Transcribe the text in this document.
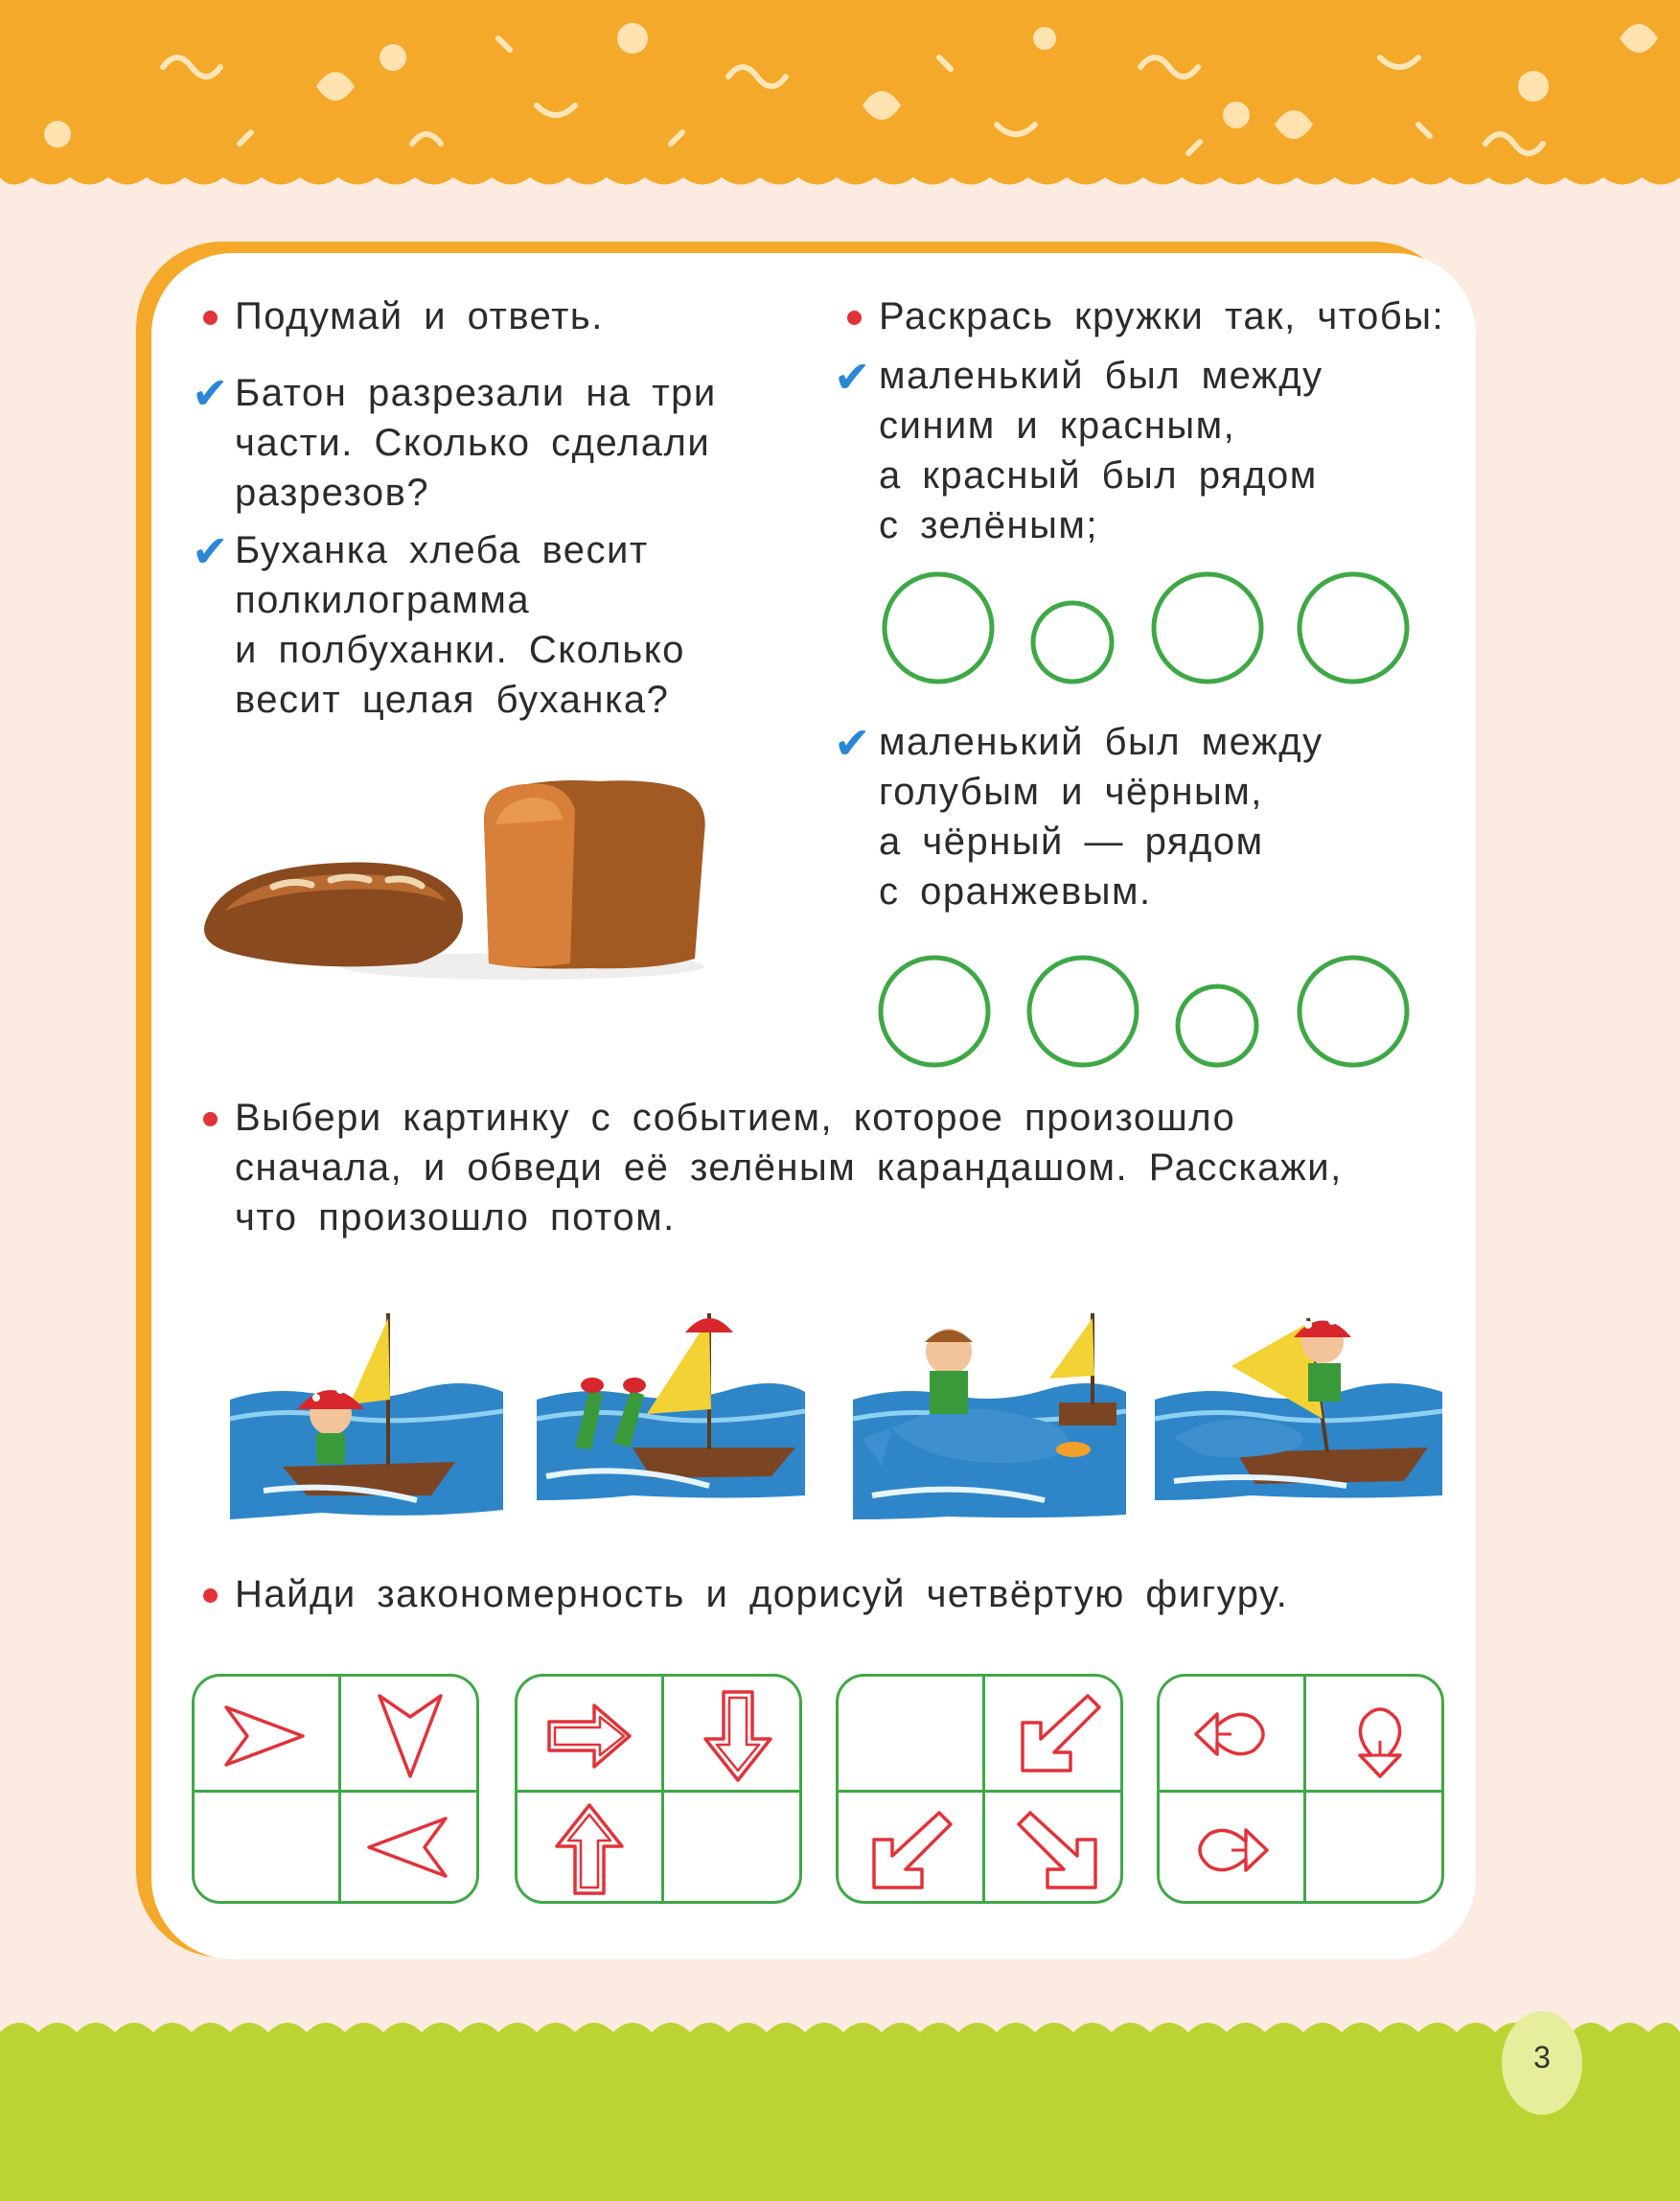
3
Подумай и ответь.
✔ Батон разрезали на три

части. Сколько сделали

разрезов?

✔ Буханка хлеба весит

полкилограмма

и полбуханки. Сколько

весит целая буханка?

Раскрась кружки так, чтобы:
✔ маленький был между

синим и красным,

а красный был рядом

с зелёным;

✔ маленький был между

голубым и чёрным,

а чёрный — рядом

с оранжевым.

Выбери картинку с событием, которое произошло

сначала, и обведи её зелёным карандашом. Расскажи,

что произошло потом.

Найди закономерность и дорисуй четвёртую фигуру.
